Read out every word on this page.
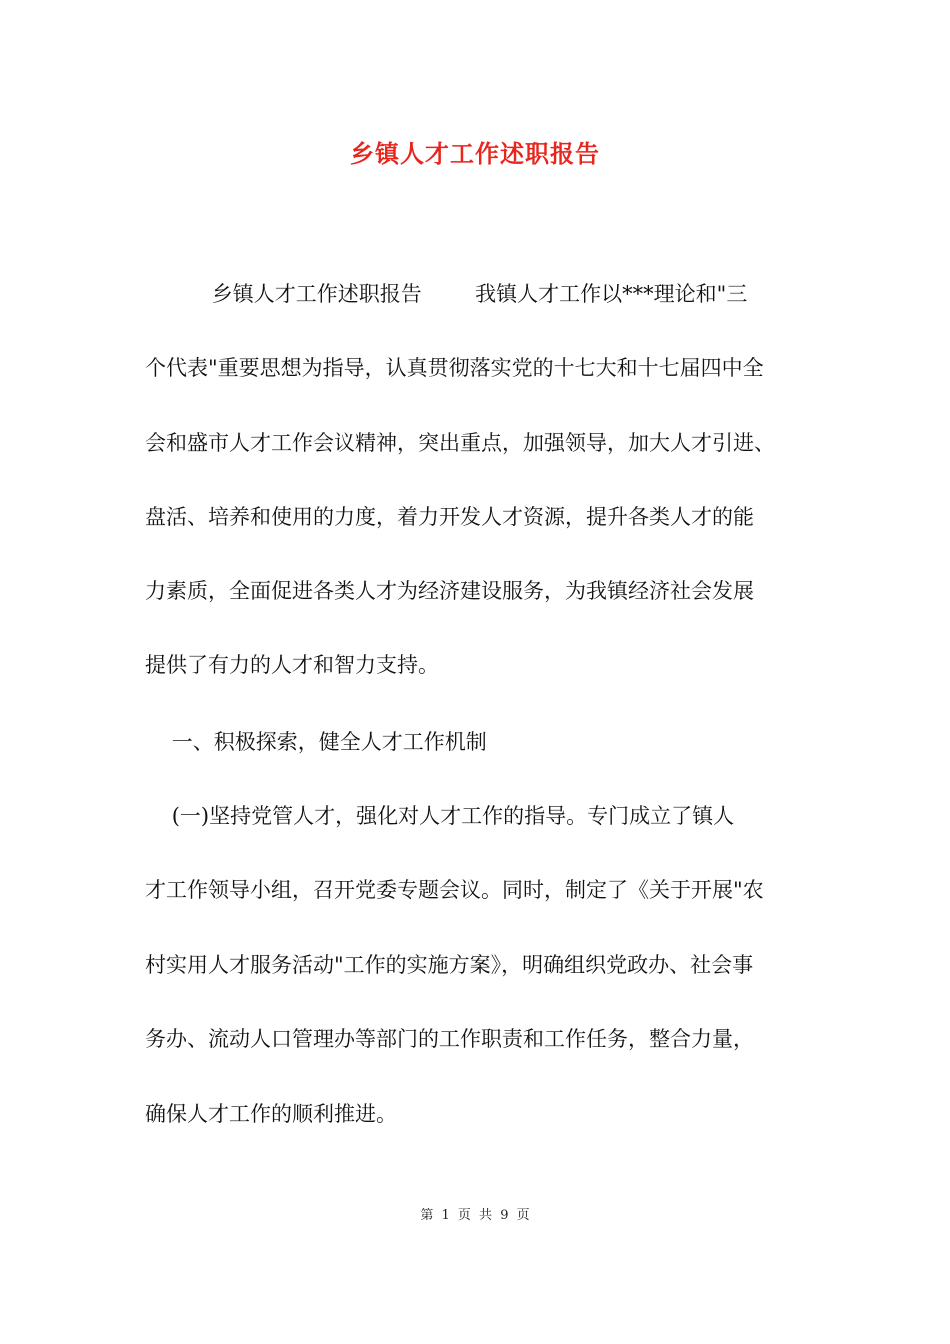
乡镇人才工作述职报告
乡镇人才工作述职报告        我镇人才工作以***理论和"三
个代表"重要思想为指导，认真贯彻落实党的十七大和十七届四中全
会和盛市人才工作会议精神，突出重点，加强领导，加大人才引进、
盘活、培养和使用的力度，着力开发人才资源，提升各类人才的能
力素质，全面促进各类人才为经济建设服务，为我镇经济社会发展
提供了有力的人才和智力支持。
一、积极探索，健全人才工作机制
(一)坚持党管人才，强化对人才工作的指导。专门成立了镇人
才工作领导小组，召开党委专题会议。同时，制定了《关于开展"农
村实用人才服务活动"工作的实施方案》，明确组织党政办、社会事
务办、流动人口管理办等部门的工作职责和工作任务，整合力量，
确保人才工作的顺利推进。
第 1 页 共 9 页
